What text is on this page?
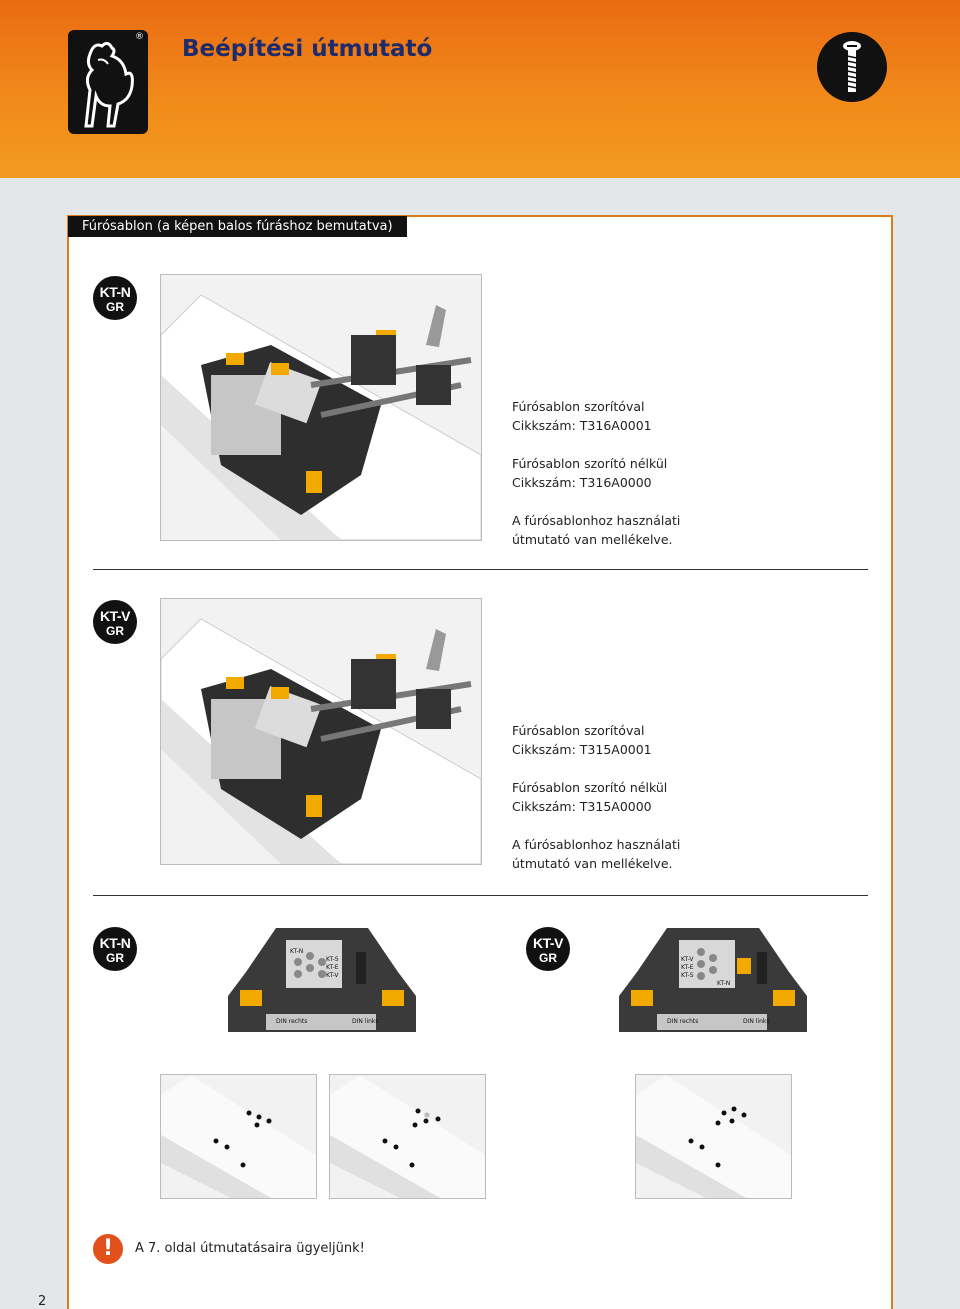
® Beépítési útmutató
Fúrósablon (a képen balos fúráshoz bemutatva)
KT-N
GR

Fúrósablon szorítóval

Cikkszám: T316A0001

Fúrósablon szorító nélkül

Cikkszám: T316A0000

A fúrósablonhoz használati

útmutató van mellékelve.

KT-V
GR

Fúrósablon szorítóval

Cikkszám: T315A0001

Fúrósablon szorító nélkül

Cikkszám: T315A0000

A fúrósablonhoz használati

útmutató van mellékelve.

KT-N
GR	KT-N
KT-S
KT-E
KT-V
DIN rechts	DIN links
KT-V
GR	KT-V
KT-E
KT-S
KT-N
DIN rechts	DIN links
!	A 7. oldal útmutatásaira ügyeljünk!
2
